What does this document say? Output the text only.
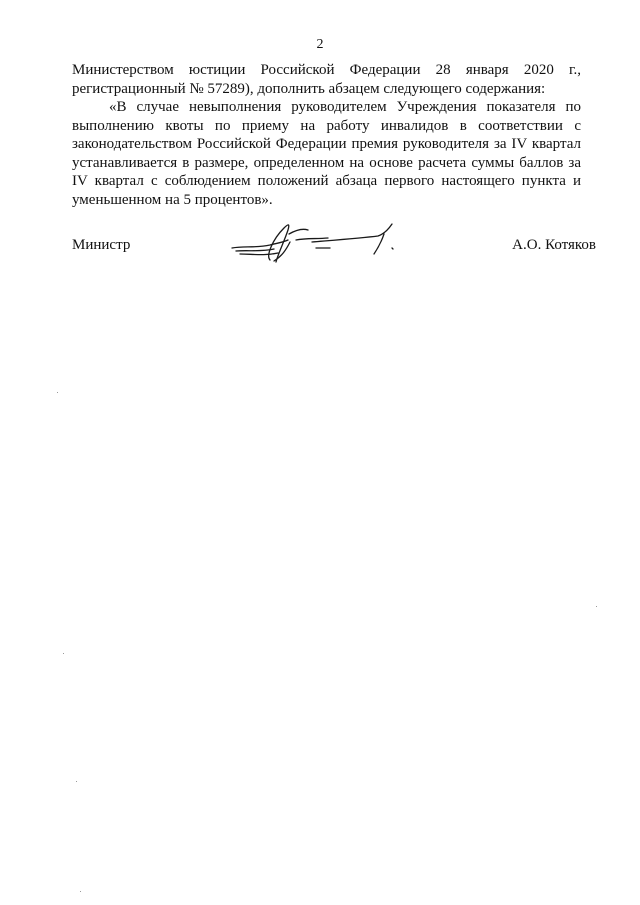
2

Министерством юстиции Российской Федерации 28 января 2020 г., регистрационный № 57289), дополнить абзацем следующего содержания:

«В случае невыполнения руководителем Учреждения показателя по выполнению квоты по приему на работу инвалидов в соответствии с законодательством Российской Федерации премия руководителя за IV квартал устанавливается в размере, определенном на основе расчета суммы баллов за IV квартал с соблюдением положений абзаца первого настоящего пункта и уменьшенном на 5 процентов».

Министр	А.О. Котяков
